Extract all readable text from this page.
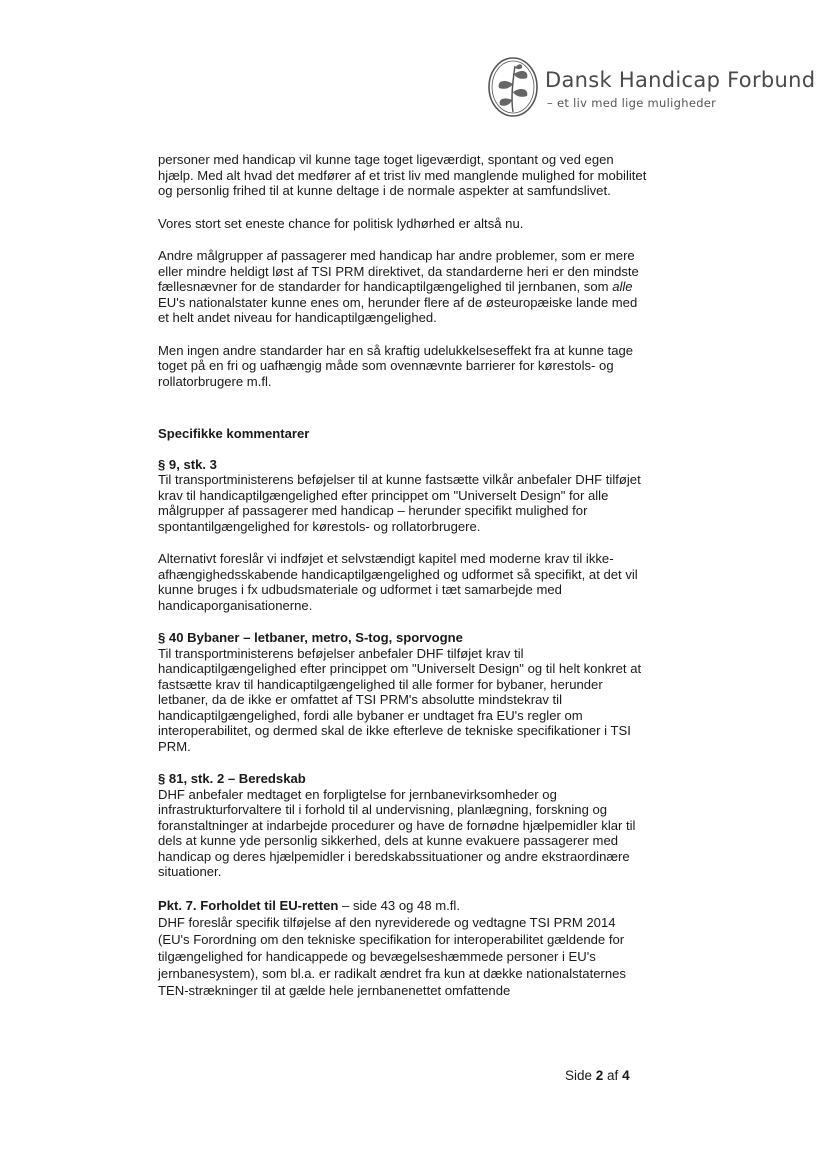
Dansk Handicap Forbund
– et liv med lige muligheder

personer med handicap vil kunne tage toget ligeværdigt, spontant og ved egen hjælp. Med alt hvad det medfører af et trist liv med manglende mulighed for mobilitet og personlig frihed til at kunne deltage i de normale aspekter at samfundslivet.

Vores stort set eneste chance for politisk lydhørhed er altså nu.

Andre målgrupper af passagerer med handicap har andre problemer, som er mere eller mindre heldigt løst af TSI PRM direktivet, da standarderne heri er den mindste fællesnævner for de standarder for handicaptilgængelighed til jernbanen, som alle EU's nationalstater kunne enes om, herunder flere af de østeuropæiske lande med et helt andet niveau for handicaptilgængelighed.

Men ingen andre standarder har en så kraftig udelukkelseseffekt fra at kunne tage toget på en fri og uafhængig måde som ovennævnte barrierer for kørestols- og rollatorbrugere m.fl.

Specifikke kommentarer

§ 9, stk. 3
Til transportministerens beføjelser til at kunne fastsætte vilkår anbefaler DHF tilføjet krav til handicaptilgængelighed efter princippet om "Universelt Design" for alle målgrupper af passagerer med handicap – herunder specifikt mulighed for spontantilgængelighed for kørestols- og rollatorbrugere.

Alternativt foreslår vi indføjet et selvstændigt kapitel med moderne krav til ikke-afhængighedsskabende handicaptilgængelighed og udformet så specifikt, at det vil kunne bruges i fx udbudsmateriale og udformet i tæt samarbejde med handicaporganisationerne.

§ 40 Bybaner – letbaner, metro, S-tog, sporvogne
Til transportministerens beføjelser anbefaler DHF tilføjet krav til handicaptilgængelighed efter princippet om "Universelt Design" og til helt konkret at fastsætte krav til handicaptilgængelighed til alle former for bybaner, herunder letbaner, da de ikke er omfattet af TSI PRM's absolutte mindstekrav til handicaptilgængelighed, fordi alle bybaner er undtaget fra EU's regler om interoperabilitet, og dermed skal de ikke efterleve de tekniske specifikationer i TSI PRM.

§ 81, stk. 2 – Beredskab
DHF anbefaler medtaget en forpligtelse for jernbanevirksomheder og infrastrukturforvaltere til i forhold til al undervisning, planlægning, forskning og foranstaltninger at indarbejde procedurer og have de fornødne hjælpemidler klar til dels at kunne yde personlig sikkerhed, dels at kunne evakuere passagerer med handicap og deres hjælpemidler i beredskabssituationer og andre ekstraordinære situationer.

Pkt. 7. Forholdet til EU-retten – side 43 og 48 m.fl.
DHF foreslår specifik tilføjelse af den nyreviderede og vedtagne TSI PRM 2014 (EU's Forordning om den tekniske specifikation for interoperabilitet gældende for tilgængelighed for handicappede og bevægelseshæmmede personer i EU's jernbanesystem), som bl.a. er radikalt ændret fra kun at dække nationalstaternes TEN-strækninger til at gælde hele jernbanenettet omfattende

Side 2 af 4
